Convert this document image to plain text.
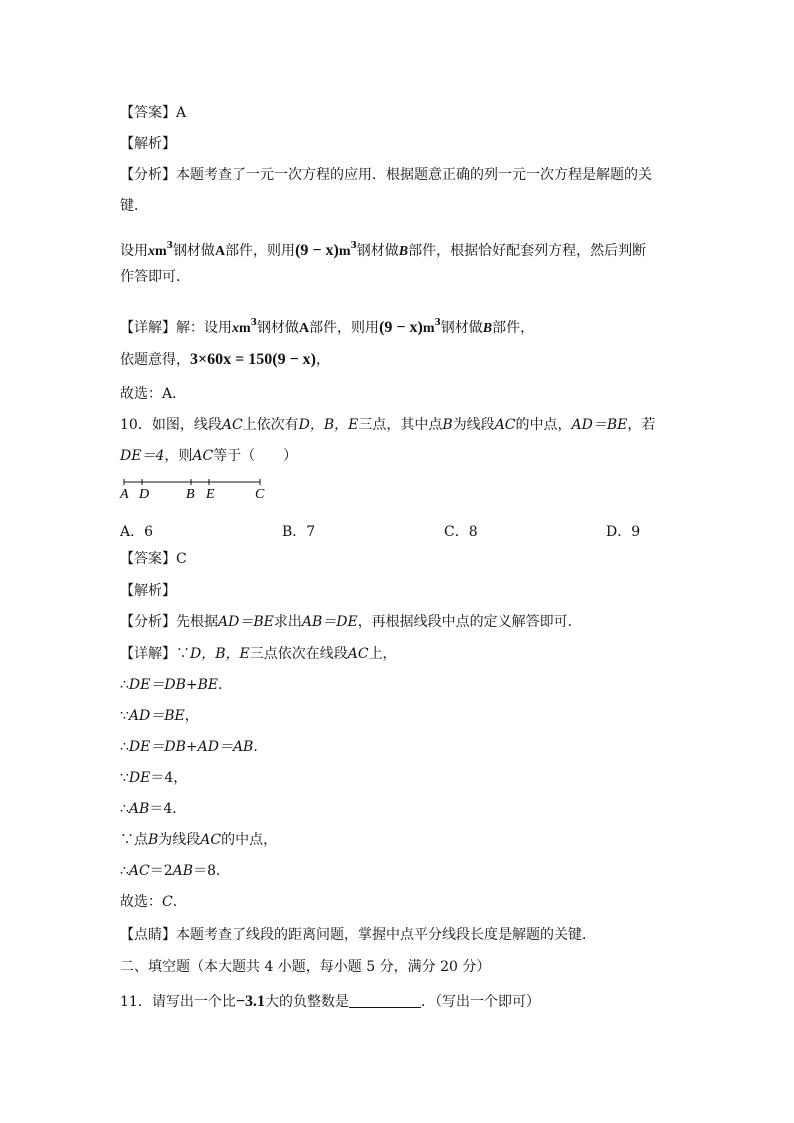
【答案】A
【解析】
【分析】本题考查了一元一次方程的应用．根据题意正确的列一元一次方程是解题的关
键．
设用$xm^3$钢材做A部件，则用$(9 - x)m^3$钢材做B部件，根据恰好配套列方程，然后判断
作答即可．
【详解】解：设用$xm^3$钢材做A部件，则用$(9 - x)m^3$钢材做B部件，
依题意得，3×60x = 150(9 − x)，
故选：A．
10．如图，线段AC上依次有D，B，E三点，其中点B为线段AC的中点，AD＝BE，若
DE＝4，则AC等于（　　）
A D	B E	C
A．6	B．7	C．8	D．9
【答案】C
【解析】
【分析】先根据AD＝BE求出AB＝DE，再根据线段中点的定义解答即可．
【详解】∵D，B，E三点依次在线段AC上，
∴DE＝DB+BE．
∵AD＝BE，
∴DE＝DB+AD＝AB．
∵DE＝4，
∴AB＝4．
∵点B为线段AC的中点，
∴AC＝2AB＝8．
故选：C．
【点睛】本题考查了线段的距离问题，掌握中点平分线段长度是解题的关键．
二、填空题（本大题共 4 小题，每小题 5 分，满分 20 分）
11．请写出一个比−3.1大的负整数是	．（写出一个即可）
